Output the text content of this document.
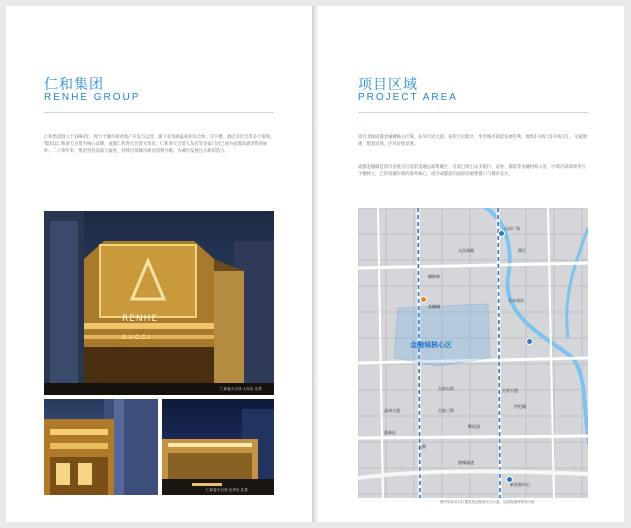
仁和集团
RENHE GROUP
仁和集团创立于1993年，致力于城市商业地产开发与运营，旗下业务涵盖商业综合体、写字楼、酒店及住宅等多个领域。集团以仁和春天百货为核心品牌，成都仁和春天百货光华店、仁和春天百货人东店等多家门店已成为成都高端零售的标杆。二十余年来，集团坚持品质与服务，持续引领城市商业消费升级，为城市发展注入新的活力。
RENHE
GUCCI
仁和春天百货·人东店 实景
仁和春天百货·光华店 实景
项目区域
PROJECT AREA
项目北接成都金融城核心区域，东邻天府大道，南望天府新区，坐享城市南延发展红利，地铁1号线与5号线交汇，交通便捷，配套成熟，区位价值显著。
成都金融城是四川省重点打造的金融总部集聚区，目前已吸引众多银行、证券、保险等金融机构入驻，区域内高端商务写字楼林立，已形成城市新的商务核心，成为成都面向国际的重要窗口与城市名片。
金融城核心区
天府广场
人民南路	锦江
桐梓林
火车南站
金融城
新会展中心
绕城高速
天府大道
天府五街
天府三街
益州大道
孵化园
高新区
大源
世纪城
图中所标项目位置及周边配套仅为示意，以政府最终规划为准
